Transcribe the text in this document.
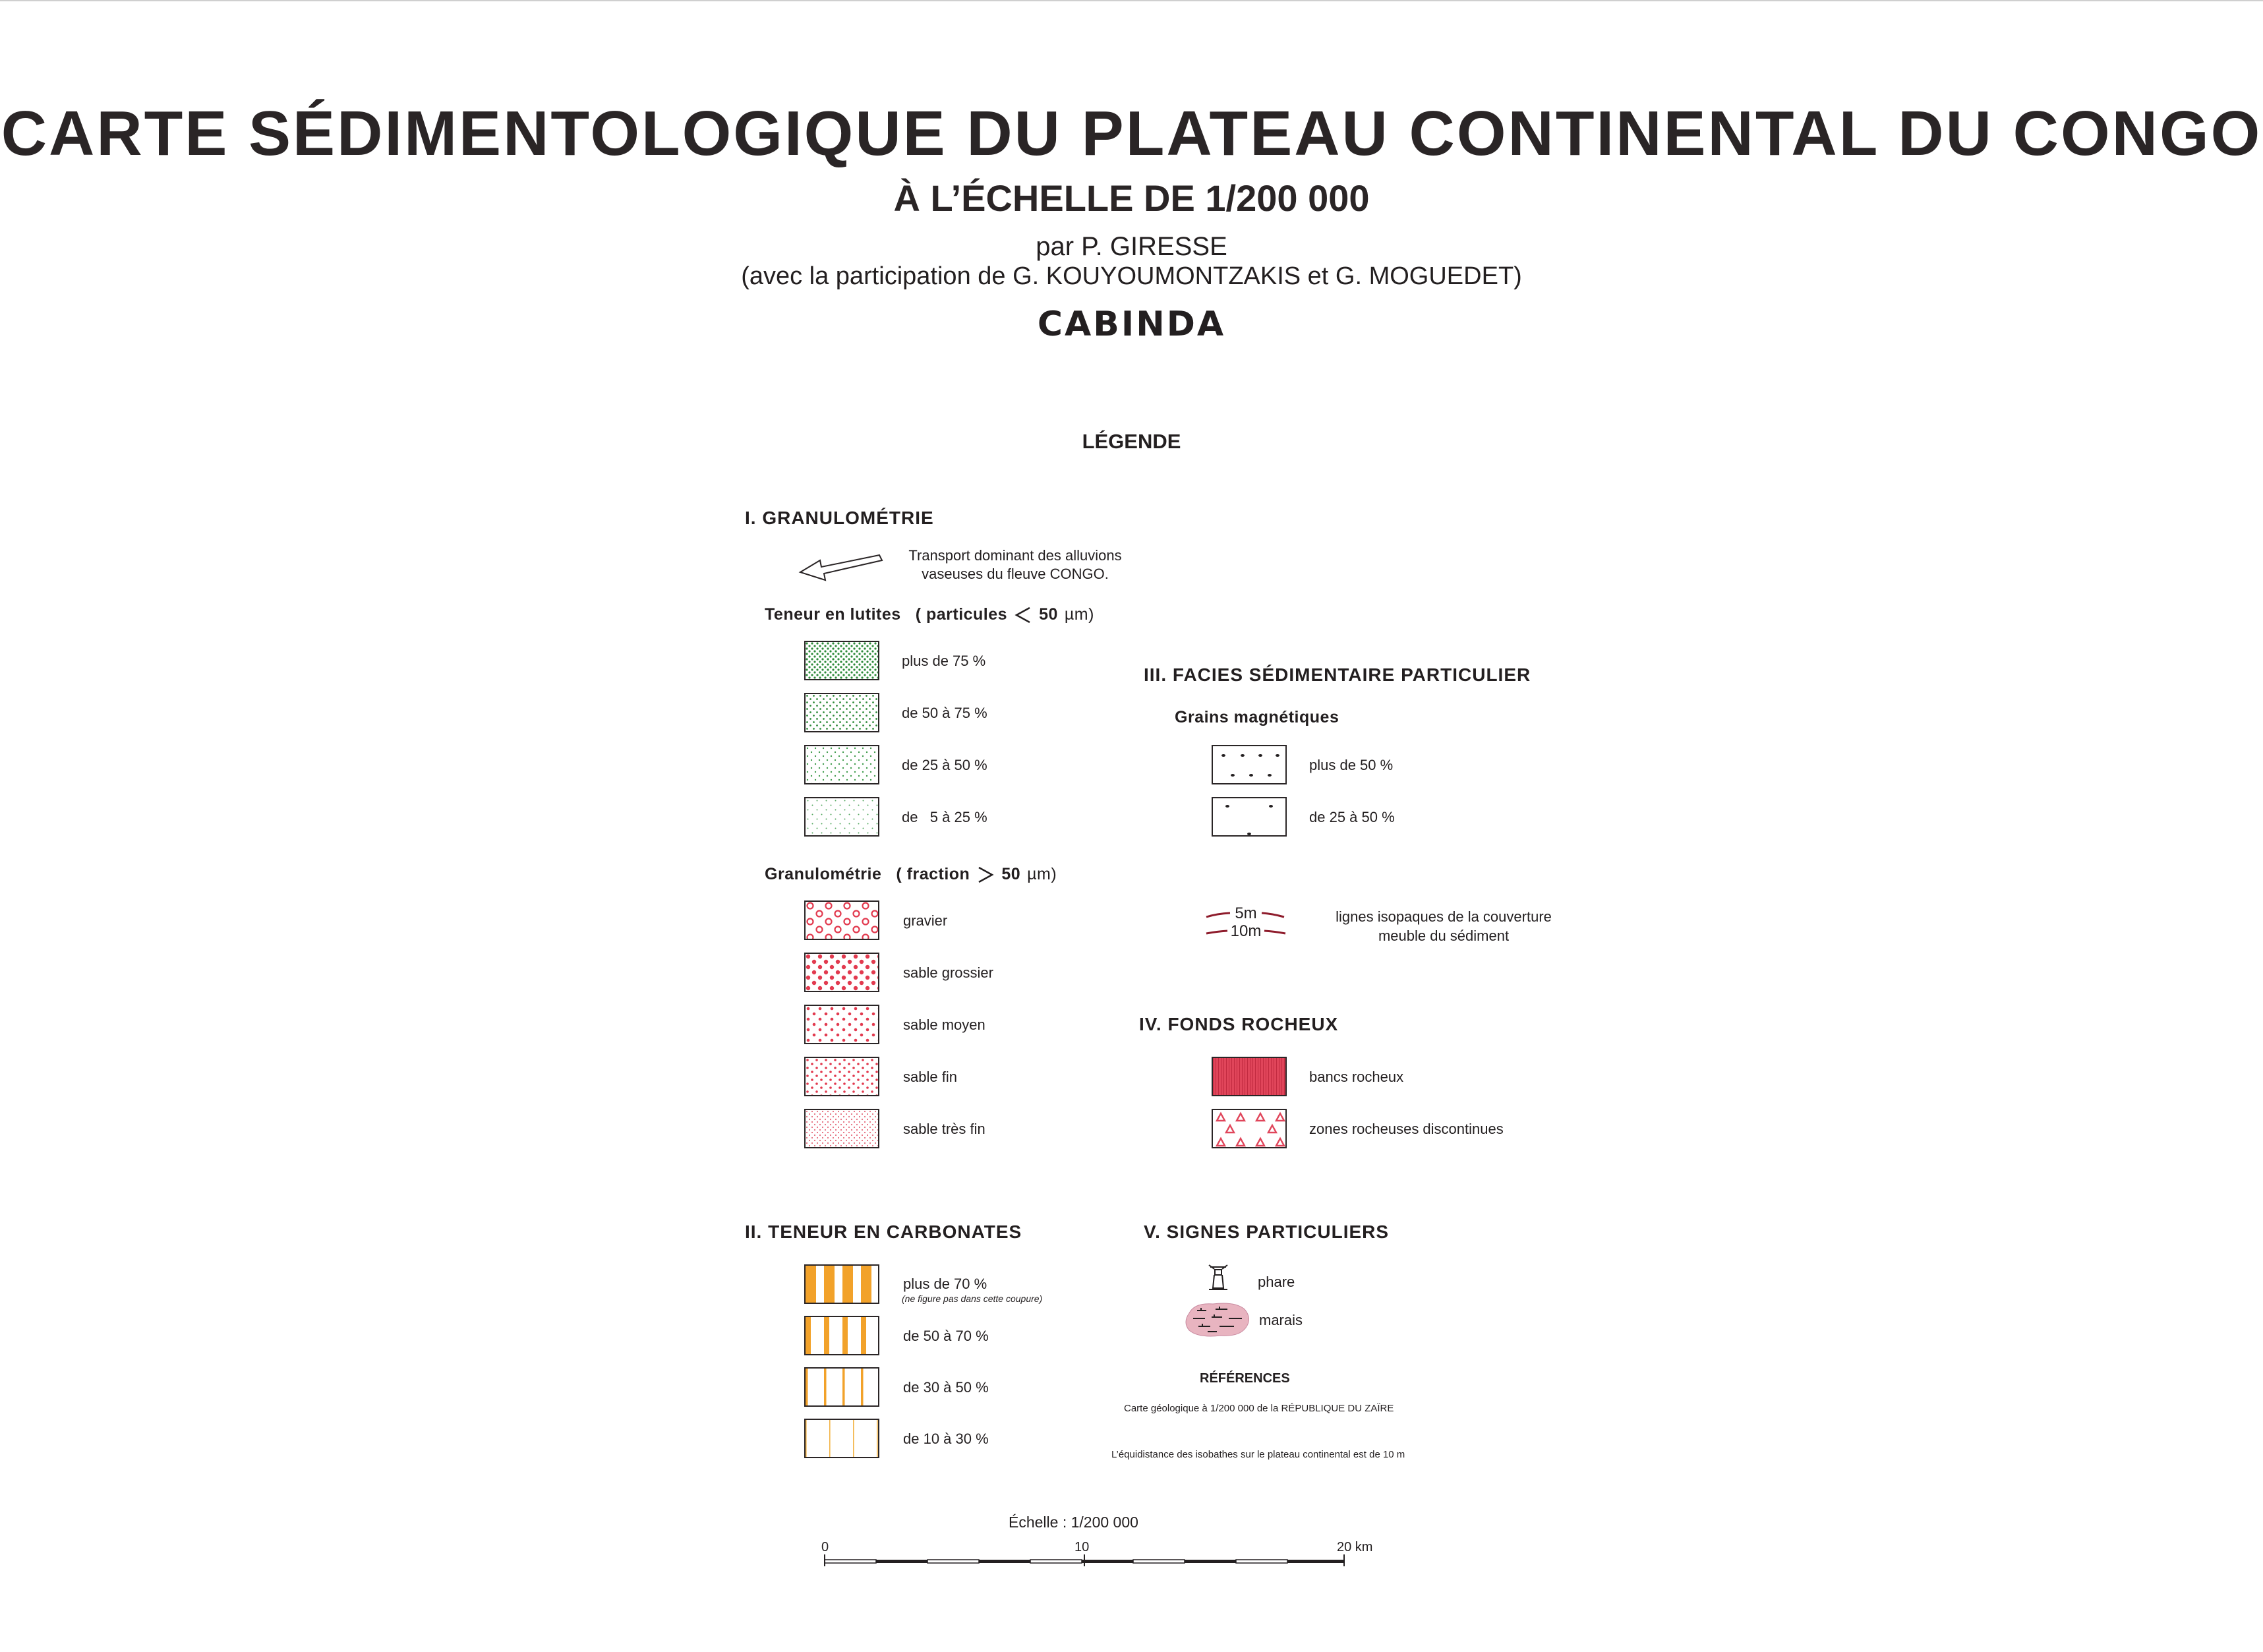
CARTE SÉDIMENTOLOGIQUE DU PLATEAU CONTINENTAL DU CONGO
À L’ÉCHELLE DE 1/200 000
par P. GIRESSE
(avec la participation de G. KOUYOUMONTZAKIS et G. MOGUEDET)
CABINDA
LÉGENDE
I. GRANULOMÉTRIE
Transport dominant des alluvions
vaseuses du fleuve CONGO.
Teneur en lutites ( particules 50 µm)
plus de 75 %
de 50 à 75 %
de 25 à 50 %
de   5 à 25 %
Granulométrie ( fraction 50 µm)
gravier
sable grossier
sable moyen
sable fin
sable très fin
II. TENEUR EN CARBONATES
plus de 70 %
(ne figure pas dans cette coupure)
de 50 à 70 %
de 30 à 50 %
de 10 à 30 %
III. FACIES SÉDIMENTAIRE PARTICULIER
Grains magnétiques
plus de 50 %
de 25 à 50 %
5m
10m
lignes isopaques de la couverture
meuble du sédiment
IV. FONDS ROCHEUX
bancs rocheux
zones rocheuses discontinues
V. SIGNES PARTICULIERS
phare
marais
RÉFÉRENCES
Carte géologique à 1/200 000 de la RÉPUBLIQUE DU ZAÏRE
L’équidistance des isobathes sur le plateau continental est de 10 m
Échelle : 1/200 000
0	10	20 km
